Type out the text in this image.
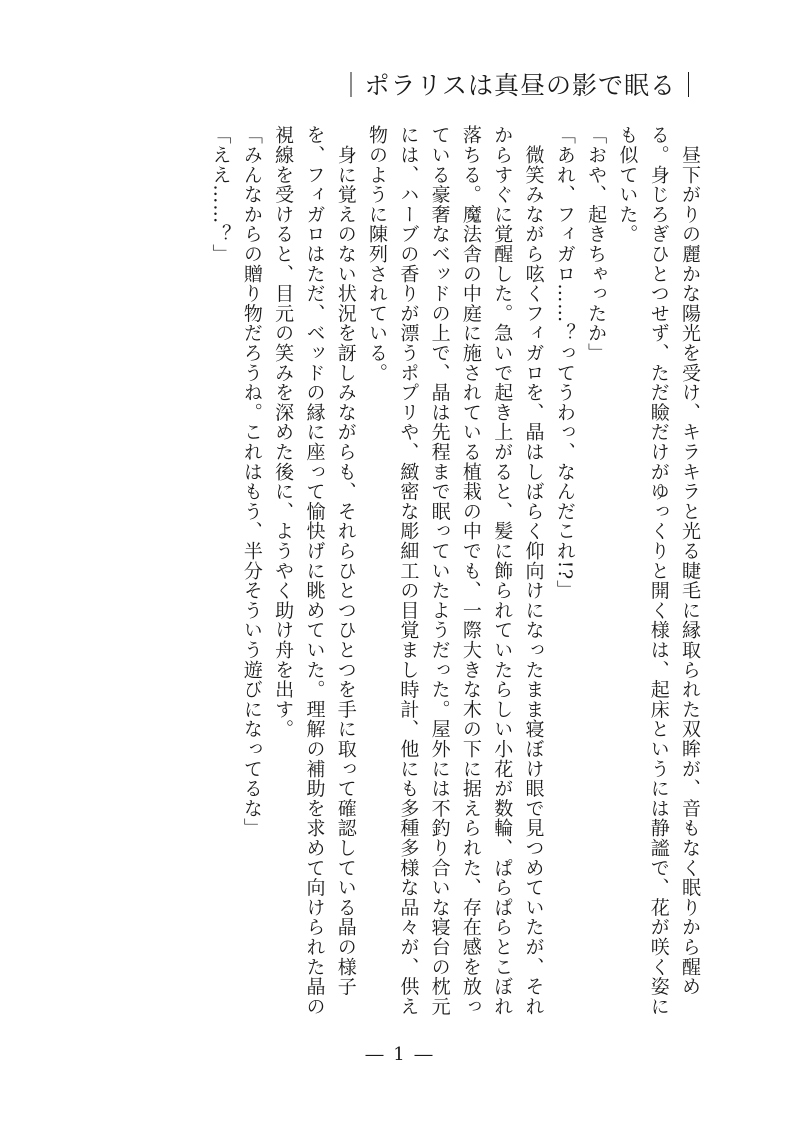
｜ポラリスは真昼の影で眠る｜

　昼下がりの麗かな陽光を受け、キラキラと光る睫毛に縁取られた双眸が、音もなく眠りから醒める。身じろぎひとつせず、ただ瞼だけがゆっくりと開く様は、起床というには静謐で、花が咲く姿にも似ていた。

「おや、起きちゃったか」

「あれ、フィガロ……？ってうわっ、なんだこれ!?」

　微笑みながら呟くフィガロを、晶はしばらく仰向けになったまま寝ぼけ眼で見つめていたが、それからすぐに覚醒した。急いで起き上がると、髪に飾られていたらしい小花が数輪、ぱらぱらとこぼれ落ちる。魔法舎の中庭に施されている植栽の中でも、一際大きな木の下に据えられた、存在感を放っている豪奢なベッドの上で、晶は先程まで眠っていたようだった。屋外には不釣り合いな寝台の枕元には、ハーブの香りが漂うポプリや、緻密な彫細工の目覚まし時計、他にも多種多様な品々が、供え物のように陳列されている。

　身に覚えのない状況を訝しみながらも、それらひとつひとつを手に取って確認している晶の様子を、フィガロはただ、ベッドの縁に座って愉快げに眺めていた。理解の補助を求めて向けられた晶の視線を受けると、目元の笑みを深めた後に、ようやく助け舟を出す。

「みんなからの贈り物だろうね。これはもう、半分そういう遊びになってるな」

「ええ……？」

― 1 ―
